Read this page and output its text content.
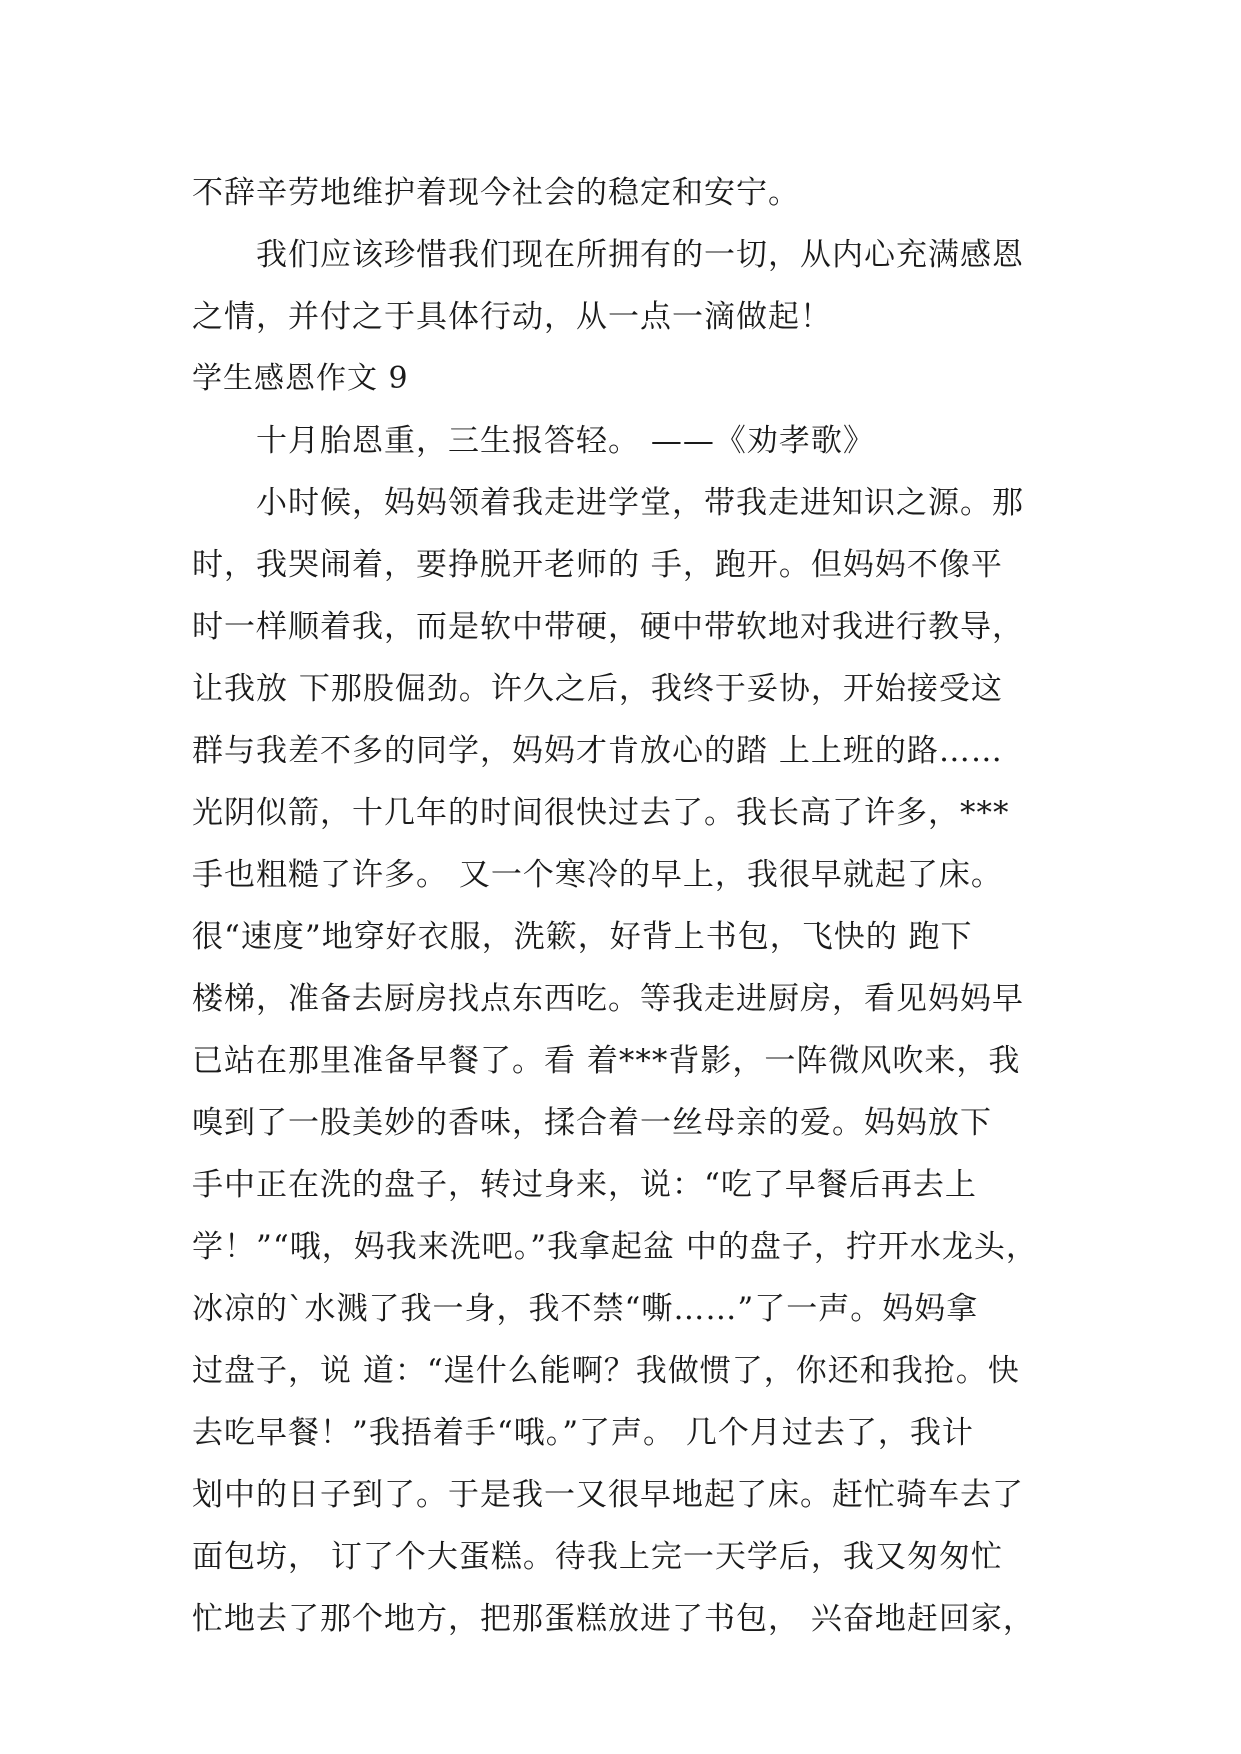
不辞辛劳地维护着现今社会的稳定和安宁。
　　我们应该珍惜我们现在所拥有的一切，从内心充满感恩
之情，并付之于具体行动，从一点一滴做起！
学生感恩作文 9
　　十月胎恩重，三生报答轻。 ——《劝孝歌》
　　小时候，妈妈领着我走进学堂，带我走进知识之源。那
时，我哭闹着，要挣脱开老师的 手，跑开。但妈妈不像平
时一样顺着我，而是软中带硬，硬中带软地对我进行教导，
让我放 下那股倔劲。许久之后，我终于妥协，开始接受这
群与我差不多的同学，妈妈才肯放心的踏 上上班的路……
光阴似箭，十几年的时间很快过去了。我长高了许多，***
手也粗糙了许多。 又一个寒冷的早上，我很早就起了床。
很“速度”地穿好衣服，洗簌，好背上书包，飞快的 跑下
楼梯，准备去厨房找点东西吃。等我走进厨房，看见妈妈早
已站在那里准备早餐了。看 着***背影，一阵微风吹来，我
嗅到了一股美妙的香味，揉合着一丝母亲的爱。妈妈放下
手中正在洗的盘子，转过身来，说：“吃了早餐后再去上
学！”“哦，妈我来洗吧。”我拿起盆 中的盘子，拧开水龙头，
冰凉的`水溅了我一身，我不禁“嘶……”了一声。妈妈拿
过盘子，说 道：“逞什么能啊？我做惯了，你还和我抢。快
去吃早餐！”我捂着手“哦。”了声。 几个月过去了，我计
划中的日子到了。于是我一又很早地起了床。赶忙骑车去了
面包坊， 订了个大蛋糕。待我上完一天学后，我又匆匆忙
忙地去了那个地方，把那蛋糕放进了书包， 兴奋地赶回家，
